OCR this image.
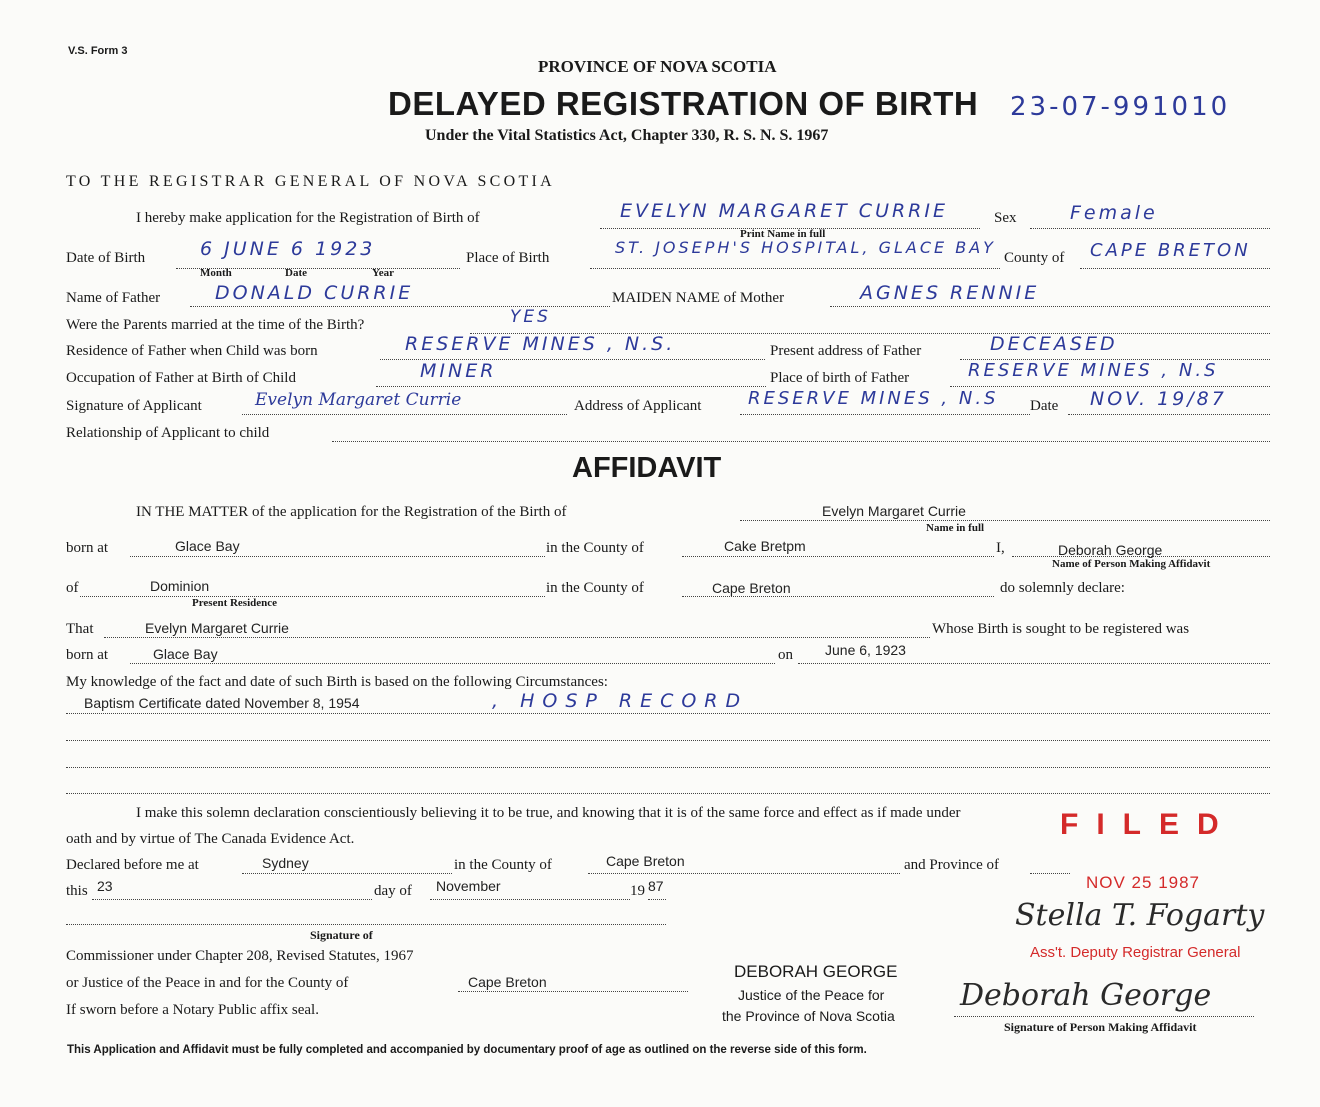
V.S. Form 3
PROVINCE OF NOVA SCOTIA
DELAYED REGISTRATION OF BIRTH 23-07-991010
Under the Vital Statistics Act, Chapter 330, R. S. N. S. 1967
TO THE REGISTRAR GENERAL OF NOVA SCOTIA
I hereby make application for the Registration of Birth of	EVELYN MARGARET CURRIE
Print Name in full
Sex	Female
Date of Birth	6 JUNE 6 1923
Month	Date	Year
Place of Birth
ST. JOSEPH'S HOSPITAL, GLACE BAY
County of CAPE BRETON
Name of Father	DONALD CURRIE	MAIDEN NAME of Mother	AGNES RENNIE
Were the Parents married at the time of the Birth?	YES
Residence of Father when Child was born	RESERVE MINES , N.S.	Present address of Father	DECEASED
Occupation of Father at Birth of Child	MINER	Place of birth of Father	RESERVE MINES , N.S
Signature of Applicant	Evelyn Margaret Currie	Address of Applicant	RESERVE MINES , N.S Date NOV. 19/87
Relationship of Applicant to child
AFFIDAVIT
IN THE MATTER of the application for the Registration of the Birth of	Evelyn Margaret Currie
Name in full
born at	Glace Bay	in the County of	Cake Bretpm	I,	Deborah George
Name of Person Making Affidavit
of	Dominion
Present Residence
in the County of	Cape Breton	do solemnly declare:
That	Evelyn Margaret Currie	Whose Birth is sought to be registered was
born at	Glace Bay	on June 6, 1923
My knowledge of the fact and date of such Birth is based on the following Circumstances:
Baptism Certificate dated November 8, 1954	, HOSP RECORD
I make this solemn declaration conscientiously believing it to be true, and knowing that it is of the same force and effect as if made under
oath and by virtue of The Canada Evidence Act.	FILED
Declared before me at	Sydney	in the County of	Cape Breton	and Province of
this 23	day of November	19 87	NOV 25 1987
Signature of
Stella T. Fogarty
Ass't. Deputy Registrar General
Commissioner under Chapter 208, Revised Statutes, 1967
or Justice of the Peace in and for the County of	Cape Breton
If sworn before a Notary Public affix seal.
DEBORAH GEORGE
Justice of the Peace for
the Province of Nova Scotia
Deborah George
Signature of Person Making Affidavit
This Application and Affidavit must be fully completed and accompanied by documentary proof of age as outlined on the reverse side of this form.
